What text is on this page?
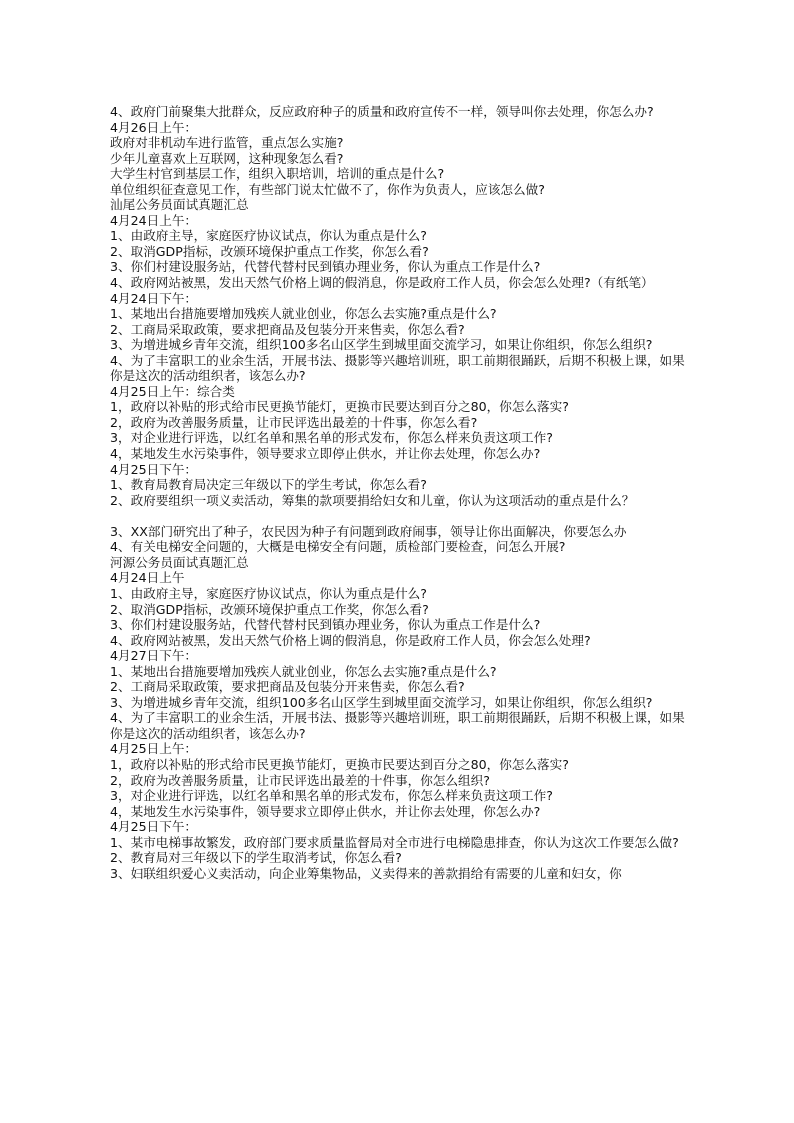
4、政府门前聚集大批群众，反应政府种子的质量和政府宣传不一样，领导叫你去处理，你怎么办?

4月26日上午：

政府对非机动车进行监管，重点怎么实施?

少年儿童喜欢上互联网，这种现象怎么看?

大学生村官到基层工作，组织入职培训，培训的重点是什么?

单位组织征查意见工作，有些部门说太忙做不了，你作为负责人，应该怎么做?

汕尾公务员面试真题汇总

4月24日上午：

1、由政府主导，家庭医疗协议试点，你认为重点是什么?

2、取消GDP指标，改颁环境保护重点工作奖，你怎么看?

3、你们村建设服务站，代替代替村民到镇办理业务，你认为重点工作是什么?

4、政府网站被黑，发出天然气价格上调的假消息，你是政府工作人员，你会怎么处理?（有纸笔）

4月24日下午：

1、某地出台措施要增加残疾人就业创业，你怎么去实施?重点是什么?

2、工商局采取政策，要求把商品及包装分开来售卖，你怎么看?

3、为增进城乡青年交流，组织100多名山区学生到城里面交流学习，如果让你组织，你怎么组织?

4、为了丰富职工的业余生活，开展书法、摄影等兴趣培训班，职工前期很踊跃，后期不积极上课，如果你是这次的活动组织者，该怎么办?

4月25日上午：综合类

1，政府以补贴的形式给市民更换节能灯，更换市民要达到百分之80，你怎么落实?

2，政府为改善服务质量，让市民评选出最差的十件事，你怎么看?

3，对企业进行评选，以红名单和黑名单的形式发布，你怎么样来负责这项工作?

4，某地发生水污染事件，领导要求立即停止供水，并让你去处理，你怎么办?

4月25日下午：

1、教育局教育局决定三年级以下的学生考试，你怎么看?

2、政府要组织一项义卖活动，筹集的款项要捐给妇女和儿童，你认为这项活动的重点是什么？

3、XX部门研究出了种子，农民因为种子有问题到政府闹事，领导让你出面解决，你要怎么办

4、有关电梯安全问题的，大概是电梯安全有问题，质检部门要检查，问怎么开展?

河源公务员面试真题汇总

4月24日上午

1、由政府主导，家庭医疗协议试点，你认为重点是什么?

2、取消GDP指标，改颁环境保护重点工作奖，你怎么看?

3、你们村建设服务站，代替代替村民到镇办理业务，你认为重点工作是什么?

4、政府网站被黑，发出天然气价格上调的假消息，你是政府工作人员，你会怎么处理?

4月27日下午：

1、某地出台措施要增加残疾人就业创业，你怎么去实施?重点是什么?

2、工商局采取政策，要求把商品及包装分开来售卖，你怎么看?

3、为增进城乡青年交流，组织100多名山区学生到城里面交流学习，如果让你组织，你怎么组织?

4、为了丰富职工的业余生活，开展书法、摄影等兴趣培训班，职工前期很踊跃，后期不积极上课，如果你是这次的活动组织者，该怎么办?

4月25日上午：

1，政府以补贴的形式给市民更换节能灯，更换市民要达到百分之80，你怎么落实?

2，政府为改善服务质量，让市民评选出最差的十件事，你怎么组织?

3，对企业进行评选，以红名单和黑名单的形式发布，你怎么样来负责这项工作?

4，某地发生水污染事件，领导要求立即停止供水，并让你去处理，你怎么办?

4月25日下午：

1、某市电梯事故繁发，政府部门要求质量监督局对全市进行电梯隐患排查，你认为这次工作要怎么做?

2、教育局对三年级以下的学生取消考试，你怎么看?

3、妇联组织爱心义卖活动，向企业筹集物品，义卖得来的善款捐给有需要的儿童和妇女，你
